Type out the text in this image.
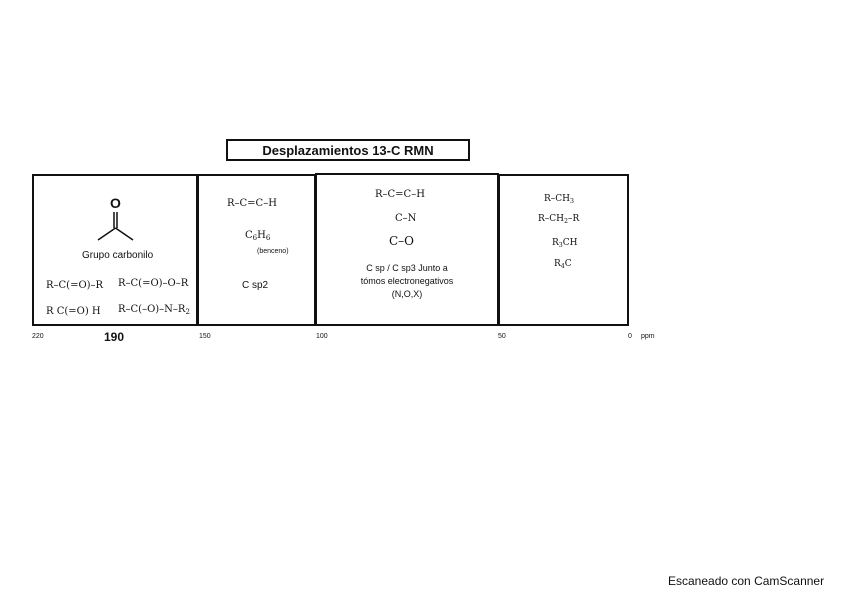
Desplazamientos 13-C RMN
O
Grupo carbonilo
R–C(=O)–R R–C(=O)–O–R
R C(=O) H $R-C(-O)-N-R_2$
R–C=C–H
$C_6H_6$
(benceno)
C sp2
R–C=C–H
C–N
C–O
C sp / C sp3 Junto a
tómos electronegativos
(N,O,X)
$R-CH_3$
$R-CH_2-R$
$R_3CH$
$R_4C$
220	190	150	100	50	0 ppm
Escaneado con CamScanner
